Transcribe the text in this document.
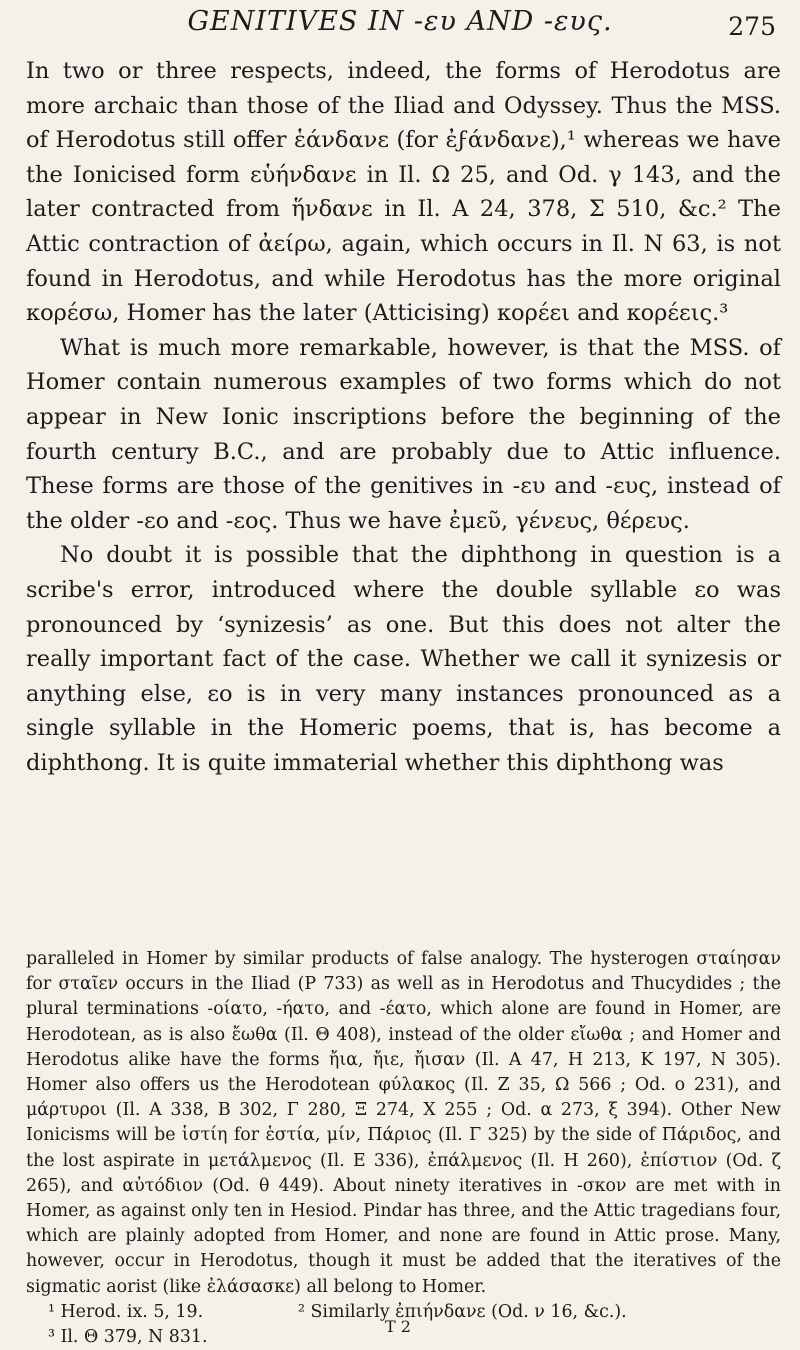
GENITIVES IN -ευ AND -ευς.	275

In two or three respects, indeed, the forms of Herodotus are more archaic than those of the Iliad and Odyssey. Thus the MSS. of Herodotus still offer ἑάνδανε (for ἐϝάνδανε),¹ whereas we have the Ionicised form εὑήνδανε in Il. Ω 25, and Od. γ 143, and the later contracted from ἥνδανε in Il. Α 24, 378, Σ 510, &c.² The Attic contraction of ἀείρω, again, which occurs in Il. Ν 63, is not found in Herodotus, and while Herodotus has the more original κορέσω, Homer has the later (Atticising) κορέει and κορέεις.³

What is much more remarkable, however, is that the MSS. of Homer contain numerous examples of two forms which do not appear in New Ionic inscriptions before the beginning of the fourth century B.C., and are probably due to Attic influence. These forms are those of the genitives in -ευ and -ευς, instead of the older -εο and -εος. Thus we have ἐμεῦ, γένευς, θέρευς.

No doubt it is possible that the diphthong in question is a scribe's error, introduced where the double syllable εο was pronounced by ‘synizesis’ as one. But this does not alter the really important fact of the case. Whether we call it synizesis or anything else, εο is in very many instances pronounced as a single syllable in the Homeric poems, that is, has become a diphthong. It is quite immaterial whether this diphthong was

paralleled in Homer by similar products of false analogy. The hysterogen σταίησαν for σταῖεν occurs in the Iliad (Ρ 733) as well as in Herodotus and Thucydides ; the plural terminations -οίατο, -ήατο, and -έατο, which alone are found in Homer, are Herodotean, as is also ἔωθα (Il. Θ 408), instead of the older εἴωθα ; and Homer and Herodotus alike have the forms ἤια, ἤιε, ἤισαν (Il. Α 47, Η 213, Κ 197, Ν 305). Homer also offers us the Herodotean φύλακος (Il. Ζ 35, Ω 566 ; Od. ο 231), and μάρτυροι (Il. Α 338, Β 302, Γ 280, Ξ 274, Χ 255 ; Od. α 273, ξ 394). Other New Ionicisms will be ἱστίη for ἑστία, μίν, Πάριος (Il. Γ 325) by the side of Πάριδος, and the lost aspirate in μετάλμενος (Il. Ε 336), ἐπάλμενος (Il. Η 260), ἐπίστιον (Od. ζ 265), and αὐτόδιον (Od. θ 449). About ninety iteratives in -σκον are met with in Homer, as against only ten in Hesiod. Pindar has three, and the Attic tragedians four, which are plainly adopted from Homer, and none are found in Attic prose. Many, however, occur in Herodotus, though it must be added that the iteratives of the sigmatic aorist (like ἐλάσασκε) all belong to Homer.

¹ Herod. ix. 5, 19.	² Similarly ἐπιήνδανε (Od. ν 16, &c.).

³ Il. Θ 379, Ν 831.

T 2
